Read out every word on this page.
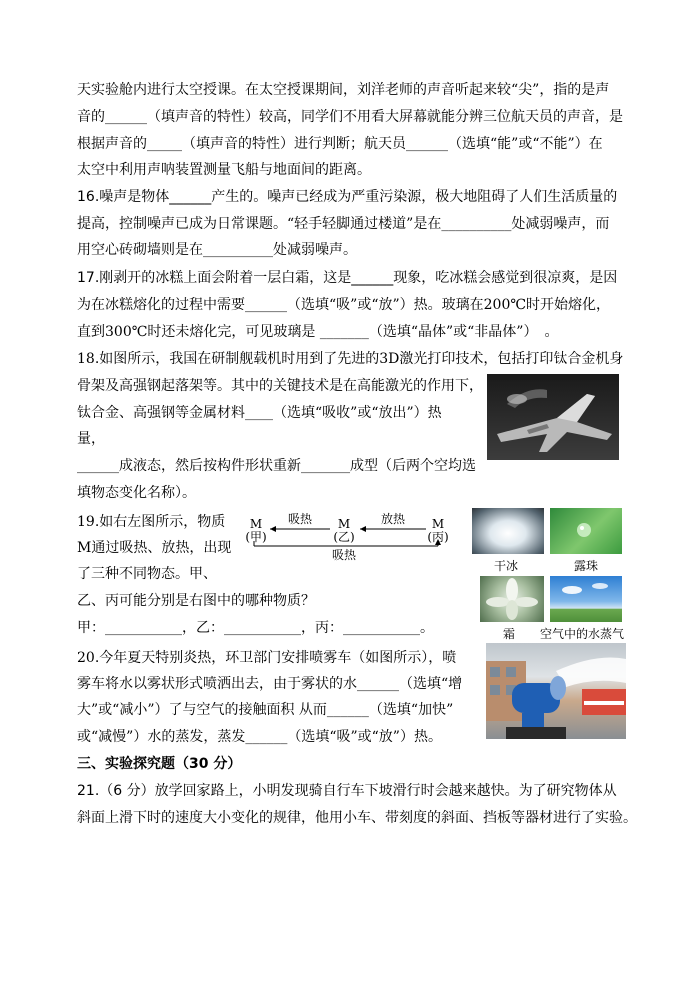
天实验舱内进行太空授课。在太空授课期间，刘洋老师的声音听起来较“尖”，指的是声
音的______（填声音的特性）较高，同学们不用看大屏幕就能分辨三位航天员的声音，是
根据声音的_____（填声音的特性）进行判断；航天员______（选填“能”或“不能”）在
太空中利用声呐装置测量飞船与地面间的距离。
16.噪声是物体______产生的。噪声已经成为严重污染源，极大地阻碍了人们生活质量的
提高，控制噪声已成为日常课题。“轻手轻脚通过楼道”是在__________处减弱噪声，而
用空心砖砌墙则是在__________处减弱噪声。
17.刚剥开的冰糕上面会附着一层白霜，这是______现象，吃冰糕会感觉到很凉爽，是因
为在冰糕熔化的过程中需要______（选填“吸”或“放”）热。玻璃在200℃时开始熔化，
直到300℃时还未熔化完，可见玻璃是 _______（选填“晶体”或“非晶体”）　。
18.如图所示，我国在研制舰载机时用到了先进的3D激光打印技术，包括打印钛合金机身
骨架及高强钢起落架等。其中的关键技术是在高能激光的作用下，
钛合金、高强钢等金属材料____（选填“吸收”或“放出”）热
量，
______成液态，然后按构件形状重新_______成型（后两个空均选
填物态变化名称）。
19.如右左图所示，物质
M通过吸热、放热，出现
了三种不同物态。甲、
乙、丙可能分别是右图中的哪种物质？
甲：___________，乙：___________，丙：___________。
20.今年夏天特别炎热，环卫部门安排喷雾车（如图所示），喷
雾车将水以雾状形式喷洒出去，由于雾状的水______（选填“增
大”或“减小”）了与空气的接触面积 从而______（选填“加快”
或“减慢”）水的蒸发，蒸发______（选填“吸”或“放”）热。
三、实验探究题（30 分）
21.（6 分）放学回家路上，小明发现骑自行车下坡滑行时会越来越快。为了研究物体从
斜面上滑下时的速度大小变化的规律，他用小车、带刻度的斜面、挡板等器材进行了实验。
M
(甲)
M
(乙)
M
(丙)
吸热	放热
吸热
干冰	露珠
霜 空气中的水蒸气
